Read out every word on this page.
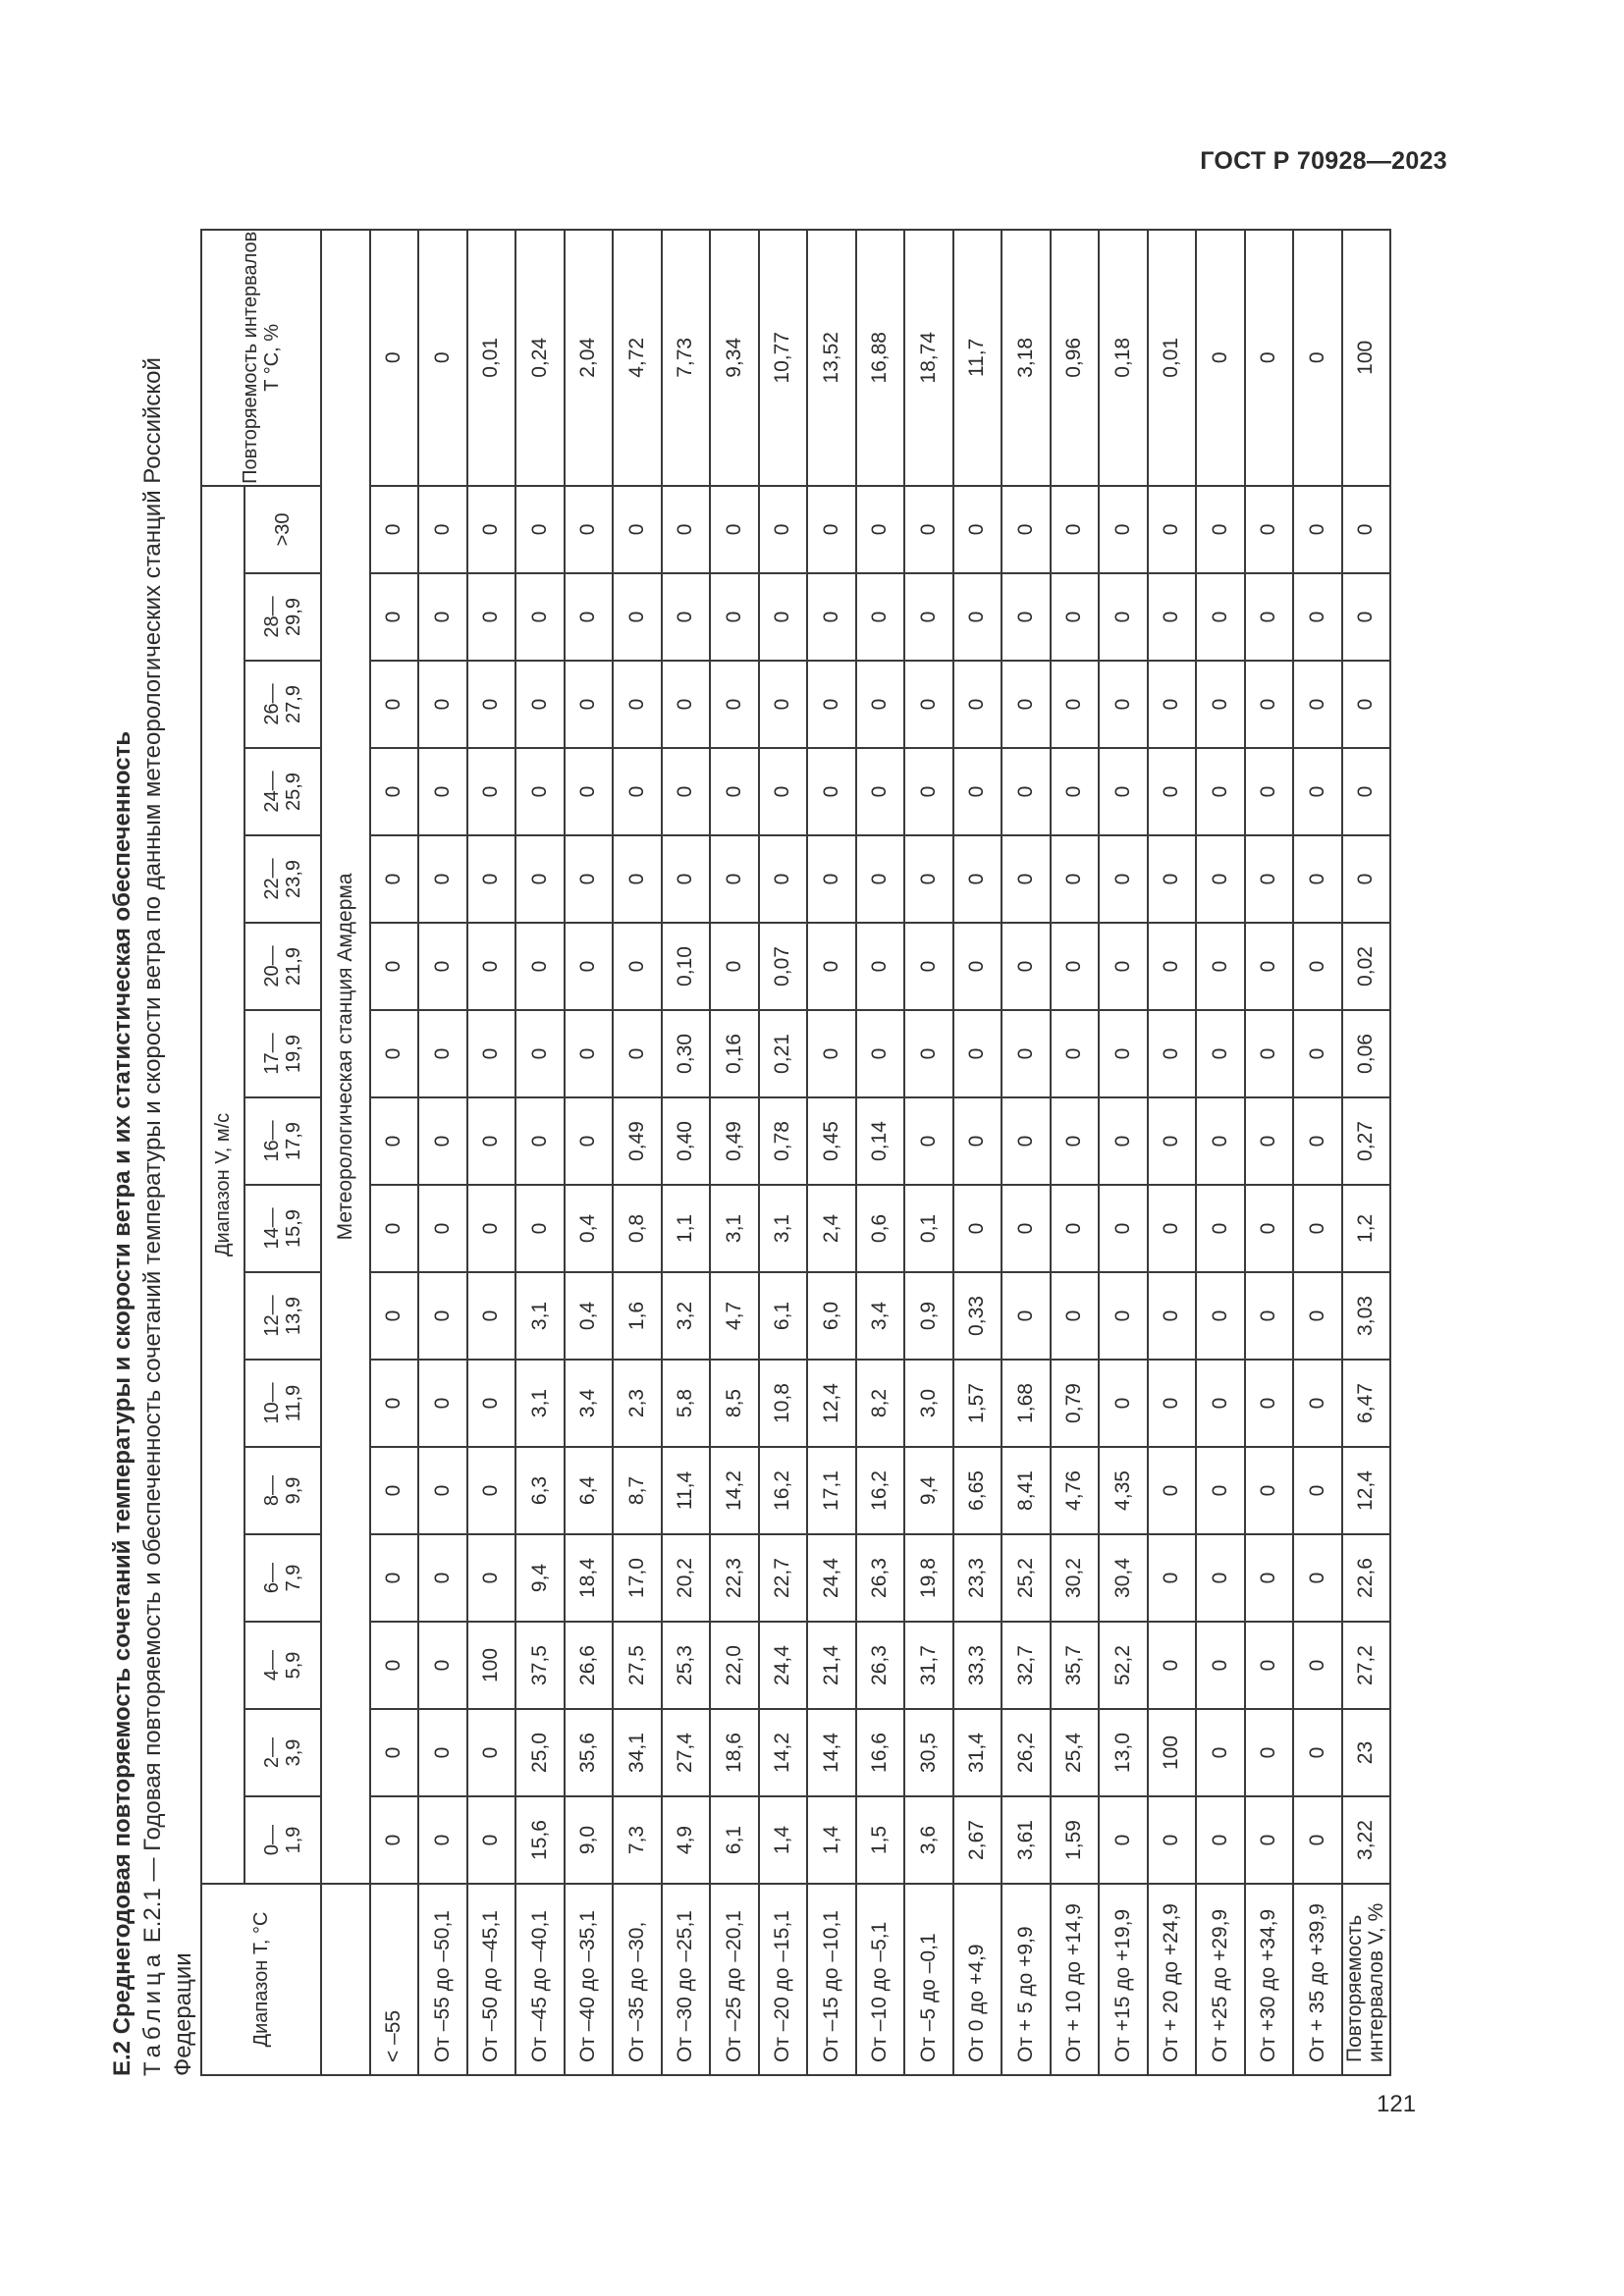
ГОСТ Р 70928—2023
Е.2 Среднегодовая повторяемость сочетаний температуры и скорости ветра и их статистическая обеспеченность Таблица Е.2.1 — Годовая повторяемость и обеспеченность сочетаний температуры и скорости ветра по данным метеорологических станций Российской Федерации	Диапазон T, °C	Диапазон V, м/с																Повторяемость интервалов T °C, %
	0—
1,9	2—
3,9	4—
5,9	6—
7,9	8—
9,9	10—
11,9	12—
13,9	14—
15,9	16—
17,9	17—
19,9	20—
21,9	22—
23,9	24—
25,9	26—
27,9	28—
29,9	>30	
	Метеорологическая станция Амдерма																
< –55	0	0	0	0	0	0	0	0	0	0	0	0	0	0	0	0	0
От –55 до –50,1	0	0	0	0	0	0	0	0	0	0	0	0	0	0	0	0	0
От –50 до –45,1	0	0	100	0	0	0	0	0	0	0	0	0	0	0	0	0	0,01
От –45 до –40,1	15,6	25,0	37,5	9,4	6,3	3,1	3,1	0	0	0	0	0	0	0	0	0	0,24
От –40 до –35,1	9,0	35,6	26,6	18,4	6,4	3,4	0,4	0,4	0	0	0	0	0	0	0	0	2,04
От –35 до –30,	7,3	34,1	27,5	17,0	8,7	2,3	1,6	0,8	0,49	0	0	0	0	0	0	0	4,72
От –30 до –25,1	4,9	27,4	25,3	20,2	11,4	5,8	3,2	1,1	0,40	0,30	0,10	0	0	0	0	0	7,73
От –25 до –20,1	6,1	18,6	22,0	22,3	14,2	8,5	4,7	3,1	0,49	0,16	0	0	0	0	0	0	9,34
От –20 до –15,1	1,4	14,2	24,4	22,7	16,2	10,8	6,1	3,1	0,78	0,21	0,07	0	0	0	0	0	10,77
От –15 до –10,1	1,4	14,4	21,4	24,4	17,1	12,4	6,0	2,4	0,45	0	0	0	0	0	0	0	13,52
От –10 до –5,1	1,5	16,6	26,3	26,3	16,2	8,2	3,4	0,6	0,14	0	0	0	0	0	0	0	16,88
От –5 до –0,1	3,6	30,5	31,7	19,8	9,4	3,0	0,9	0,1	0	0	0	0	0	0	0	0	18,74
От 0 до +4,9	2,67	31,4	33,3	23,3	6,65	1,57	0,33	0	0	0	0	0	0	0	0	0	11,7
От + 5 до +9,9	3,61	26,2	32,7	25,2	8,41	1,68	0	0	0	0	0	0	0	0	0	0	3,18
От + 10 до +14,9	1,59	25,4	35,7	30,2	4,76	0,79	0	0	0	0	0	0	0	0	0	0	0,96
От +15 до +19,9	0	13,0	52,2	30,4	4,35	0	0	0	0	0	0	0	0	0	0	0	0,18
От + 20 до +24,9	0	100	0	0	0	0	0	0	0	0	0	0	0	0	0	0	0,01
От +25 до +29,9	0	0	0	0	0	0	0	0	0	0	0	0	0	0	0	0	0
От +30 до +34,9	0	0	0	0	0	0	0	0	0	0	0	0	0	0	0	0	0
От + 35 до +39,9	0	0	0	0	0	0	0	0	0	0	0	0	0	0	0	0	0
Повторяемость интервалов V, %	3,22	23	27,2	22,6	12,4	6,47	3,03	1,2	0,27	0,06	0,02	0	0	0	0	0	100
121
